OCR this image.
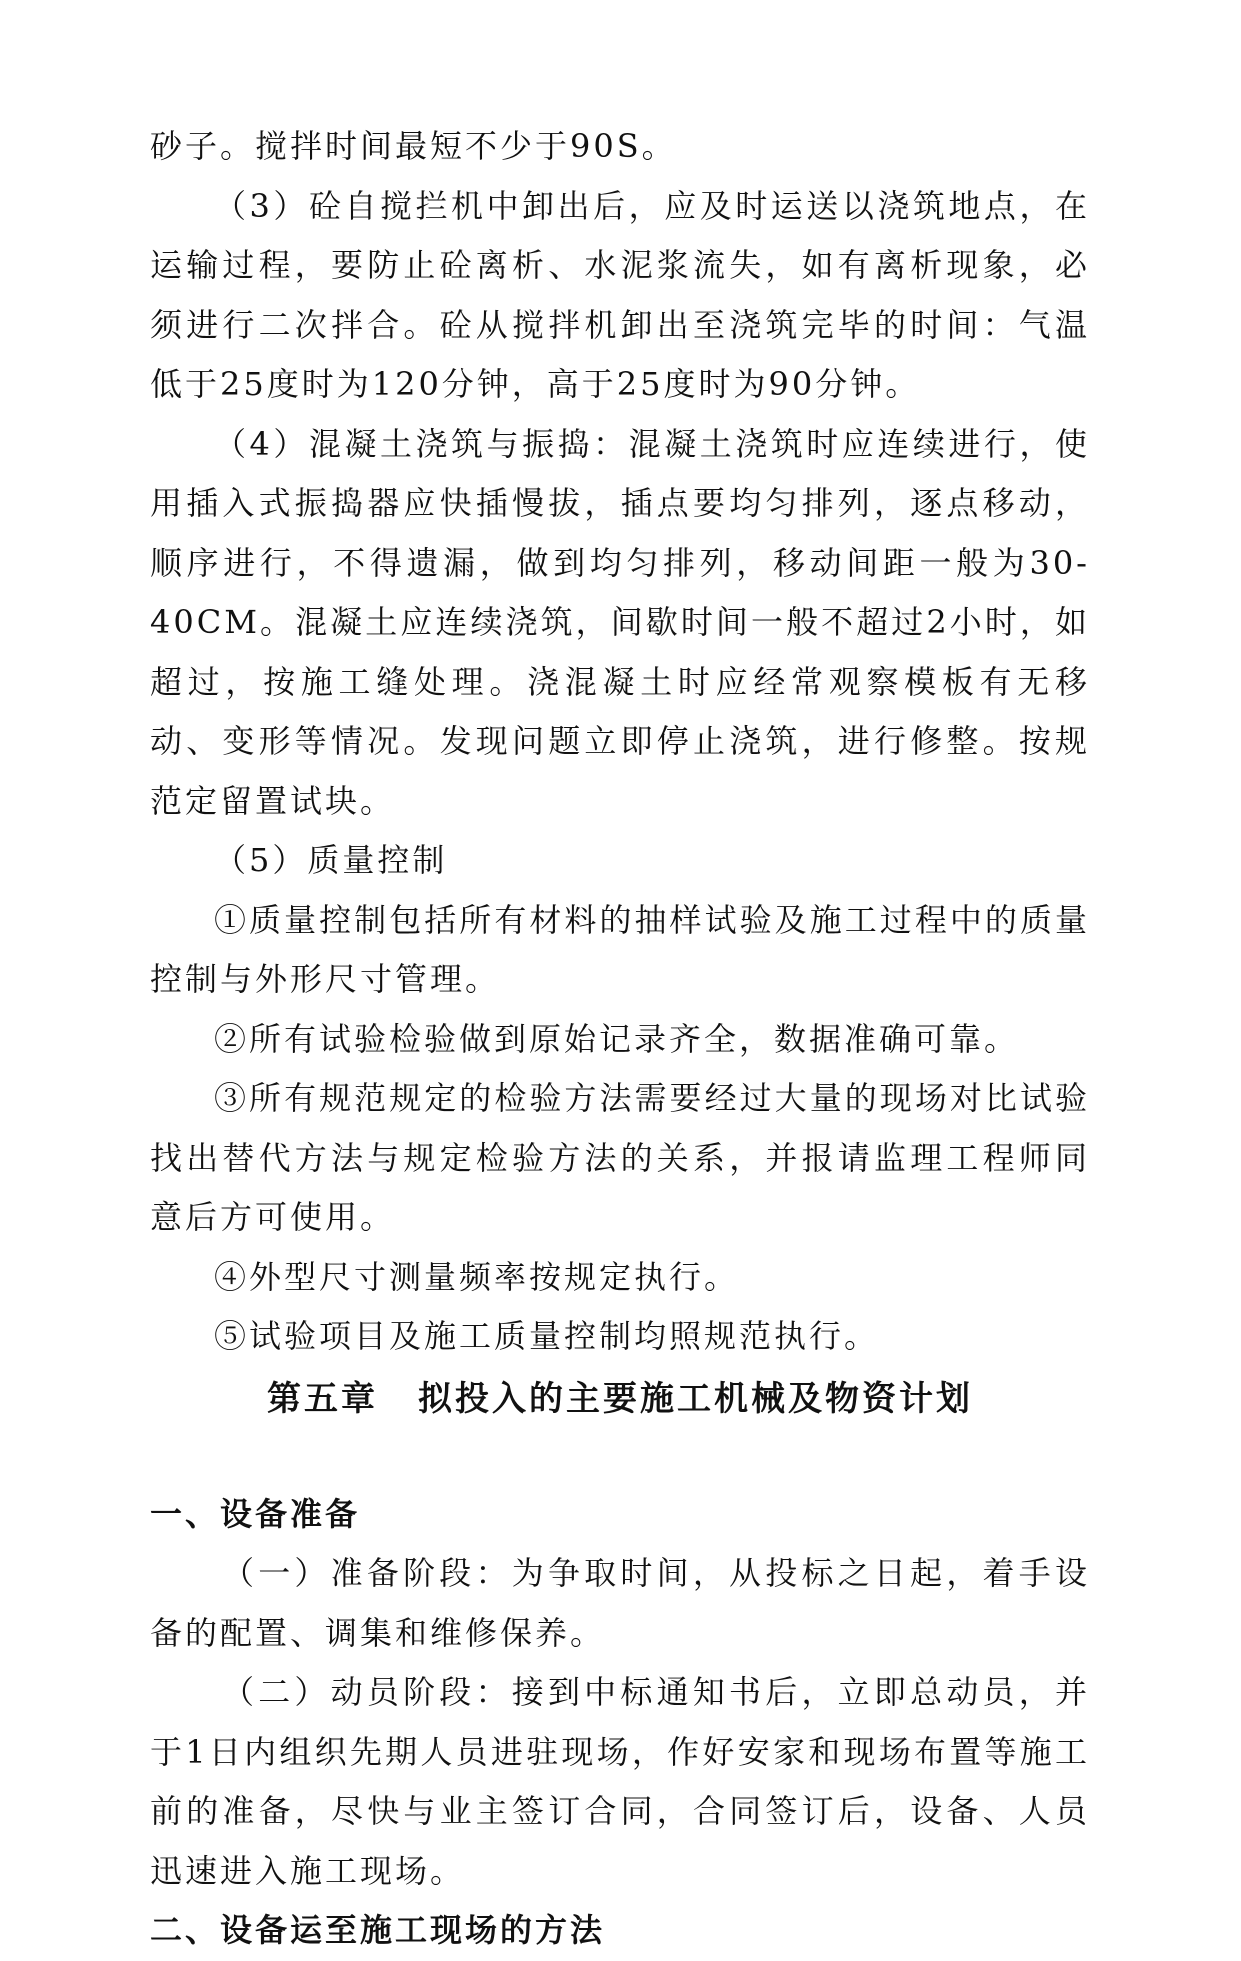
砂子。搅拌时间最短不少于90S。

（3）砼自搅拦机中卸出后，应及时运送以浇筑地点，在运输过程，要防止砼离析、水泥浆流失，如有离析现象，必须进行二次拌合。砼从搅拌机卸出至浇筑完毕的时间：气温低于25度时为120分钟，高于25度时为90分钟。

（4）混凝土浇筑与振捣：混凝土浇筑时应连续进行，使用插入式振捣器应快插慢拔，插点要均匀排列，逐点移动，顺序进行，不得遗漏，做到均匀排列，移动间距一般为30-40CM。混凝土应连续浇筑，间歇时间一般不超过2小时，如超过，按施工缝处理。浇混凝土时应经常观察模板有无移动、变形等情况。发现问题立即停止浇筑，进行修整。按规范定留置试块。

（5）质量控制

①质量控制包括所有材料的抽样试验及施工过程中的质量控制与外形尺寸管理。

②所有试验检验做到原始记录齐全，数据准确可靠。

③所有规范规定的检验方法需要经过大量的现场对比试验找出替代方法与规定检验方法的关系，并报请监理工程师同意后方可使用。

④外型尺寸测量频率按规定执行。

⑤试验项目及施工质量控制均照规范执行。

第五章 拟投入的主要施工机械及物资计划
一、设备准备

（一）准备阶段：为争取时间，从投标之日起，着手设备的配置、调集和维修保养。

（二）动员阶段：接到中标通知书后，立即总动员，并于1日内组织先期人员进驻现场，作好安家和现场布置等施工前的准备，尽快与业主签订合同，合同签订后，设备、人员迅速进入施工现场。

二、设备运至施工现场的方法
